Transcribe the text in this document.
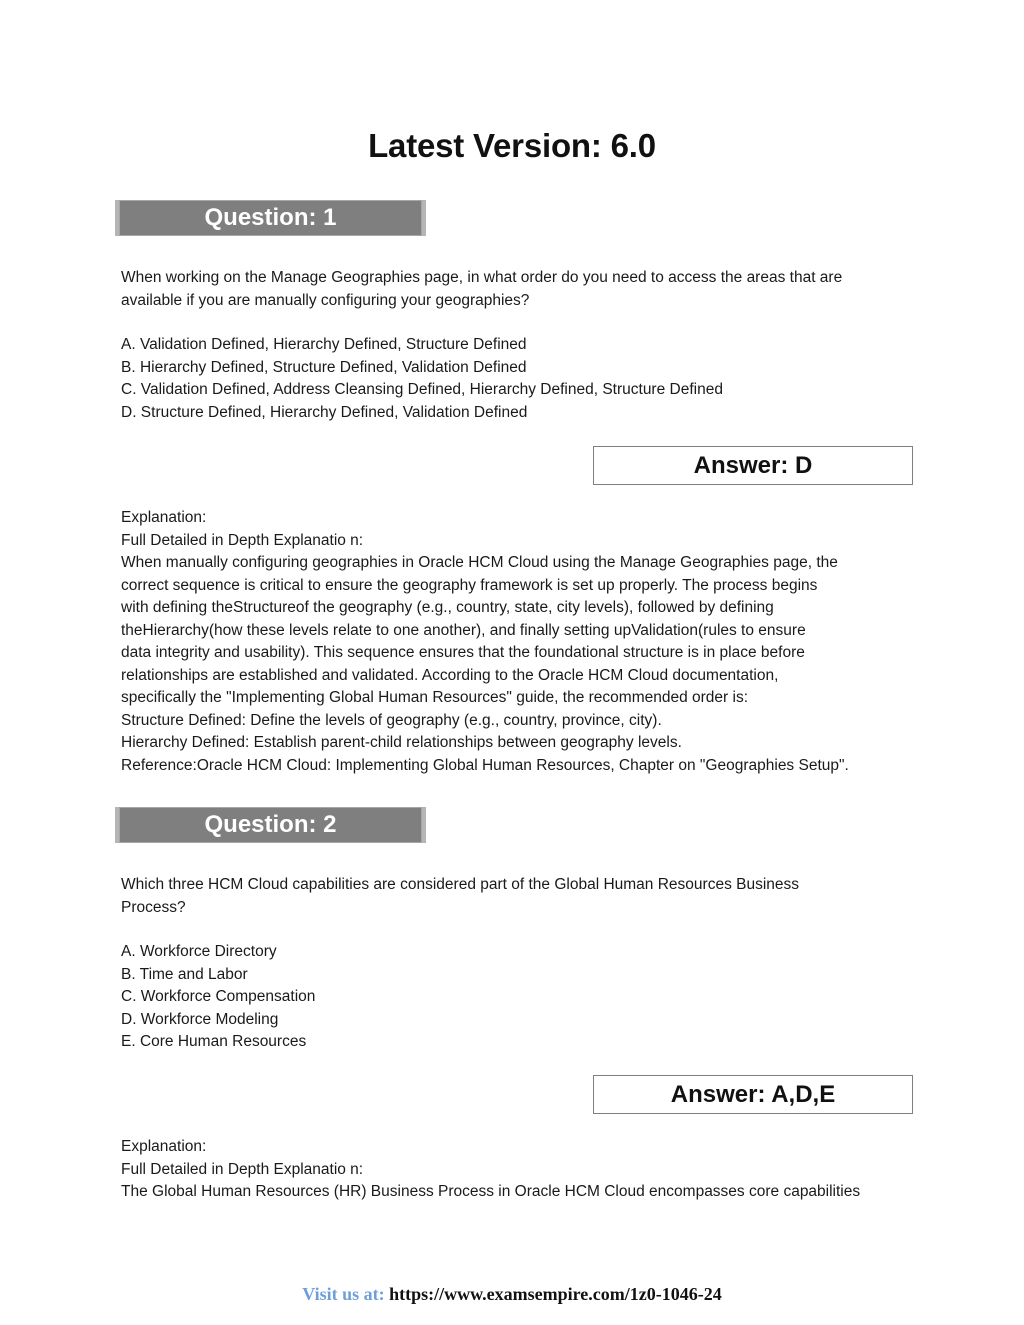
Latest Version: 6.0
Question: 1

When working on the Manage Geographies page, in what order do you need to access the areas that are

available if you are manually configuring your geographies?

A. Validation Defined, Hierarchy Defined, Structure Defined

B. Hierarchy Defined, Structure Defined, Validation Defined

C. Validation Defined, Address Cleansing Defined, Hierarchy Defined, Structure Defined

D. Structure Defined, Hierarchy Defined, Validation Defined

Answer: D

Explanation:

Full Detailed in Depth Explanatio n:

When manually configuring geographies in Oracle HCM Cloud using the Manage Geographies page, the

correct sequence is critical to ensure the geography framework is set up properly. The process begins

with defining theStructureof the geography (e.g., country, state, city levels), followed by defining

theHierarchy(how these levels relate to one another), and finally setting upValidation(rules to ensure

data integrity and usability). This sequence ensures that the foundational structure is in place before

relationships are established and validated. According to the Oracle HCM Cloud documentation,

specifically the "Implementing Global Human Resources" guide, the recommended order is:

Structure Defined: Define the levels of geography (e.g., country, province, city).

Hierarchy Defined: Establish parent-child relationships between geography levels.

Reference:Oracle HCM Cloud: Implementing Global Human Resources, Chapter on "Geographies Setup".

Question: 2

Which three HCM Cloud capabilities are considered part of the Global Human Resources Business

Process?

A. Workforce Directory

B. Time and Labor

C. Workforce Compensation

D. Workforce Modeling

E. Core Human Resources

Answer: A,D,E

Explanation:

Full Detailed in Depth Explanatio n:

The Global Human Resources (HR) Business Process in Oracle HCM Cloud encompasses core capabilities

Visit us at: https://www.examsempire.com/1z0-1046-24
